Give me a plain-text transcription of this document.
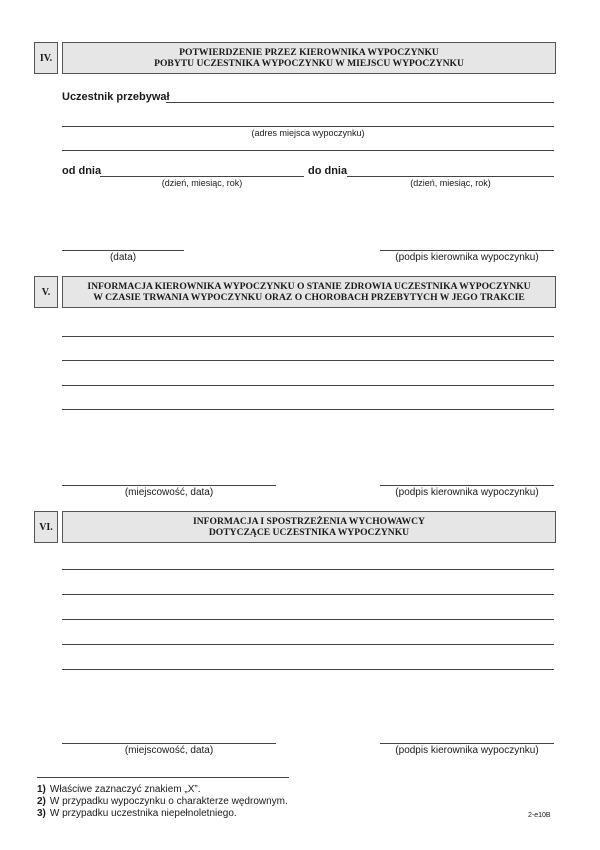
IV.	POTWIERDZENIE PRZEZ KIEROWNIKA WYPOCZYNKU
POBYTU UCZESTNIKA WYPOCZYNKU W MIEJSCU WYPOCZYNKU
Uczestnik przebywał
(adres miejsca wypoczynku)
od dnia
(dzień, miesiąc, rok)
do dnia
(dzień, miesiąc, rok)
(data)	(podpis kierownika wypoczynku)
V.	INFORMACJA KIEROWNIKA WYPOCZYNKU O STANIE ZDROWIA UCZESTNIKA WYPOCZYNKU
W CZASIE TRWANIA WYPOCZYNKU ORAZ O CHOROBACH PRZEBYTYCH W JEGO TRAKCIE
(miejscowość, data)	(podpis kierownika wypoczynku)
VI.	INFORMACJA I SPOSTRZEŻENIA WYCHOWAWCY
DOTYCZĄCE UCZESTNIKA WYPOCZYNKU
(miejscowość, data)	(podpis kierownika wypoczynku)
1) Właściwe zaznaczyć znakiem „X”.
2) W przypadku wypoczynku o charakterze wędrownym.
3) W przypadku uczestnika niepełnoletniego.	2-e10B
